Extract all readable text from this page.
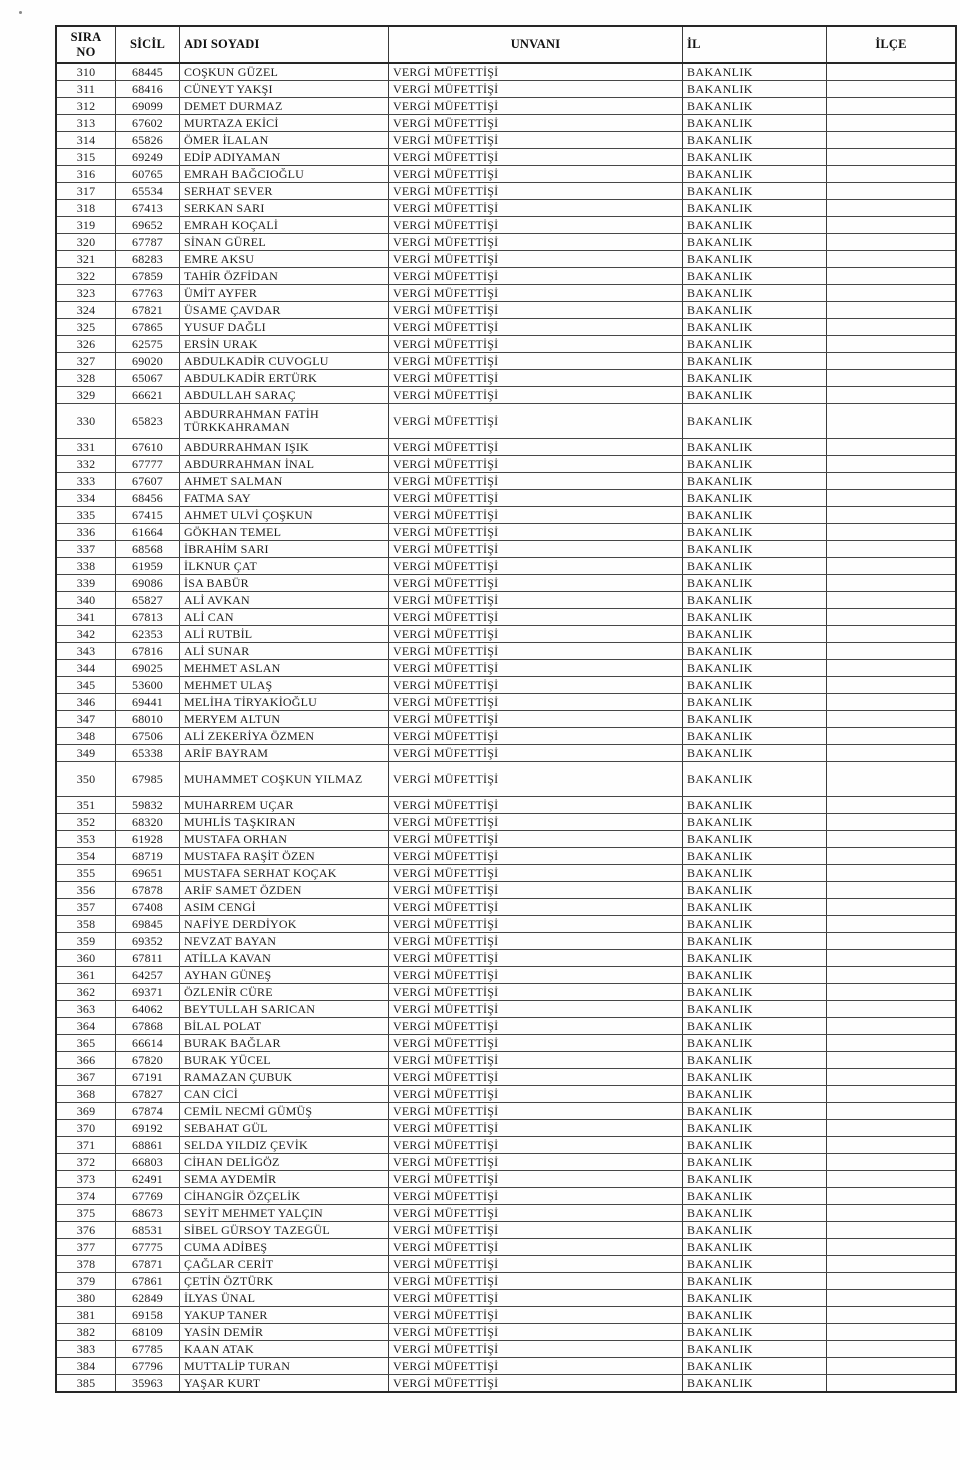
SIRA NO	SİCİL	ADI SOYADI	UNVANI	İL	İLÇE
310	68445	COŞKUN GÜZEL	VERGİ MÜFETTİŞİ	BAKANLIK	
311	68416	CÜNEYT YAKŞI	VERGİ MÜFETTİŞİ	BAKANLIK	
312	69099	DEMET DURMAZ	VERGİ MÜFETTİŞİ	BAKANLIK	
313	67602	MURTAZA EKİCİ	VERGİ MÜFETTİŞİ	BAKANLIK	
314	65826	ÖMER İLALAN	VERGİ MÜFETTİŞİ	BAKANLIK	
315	69249	EDİP ADIYAMAN	VERGİ MÜFETTİŞİ	BAKANLIK	
316	60765	EMRAH BAĞCIOĞLU	VERGİ MÜFETTİŞİ	BAKANLIK	
317	65534	SERHAT SEVER	VERGİ MÜFETTİŞİ	BAKANLIK	
318	67413	SERKAN SARI	VERGİ MÜFETTİŞİ	BAKANLIK	
319	69652	EMRAH KOÇALİ	VERGİ MÜFETTİŞİ	BAKANLIK	
320	67787	SİNAN GÜREL	VERGİ MÜFETTİŞİ	BAKANLIK	
321	68283	EMRE AKSU	VERGİ MÜFETTİŞİ	BAKANLIK	
322	67859	TAHİR ÖZFİDAN	VERGİ MÜFETTİŞİ	BAKANLIK	
323	67763	ÜMİT AYFER	VERGİ MÜFETTİŞİ	BAKANLIK	
324	67821	ÜSAME ÇAVDAR	VERGİ MÜFETTİŞİ	BAKANLIK	
325	67865	YUSUF DAĞLI	VERGİ MÜFETTİŞİ	BAKANLIK	
326	62575	ERSİN URAK	VERGİ MÜFETTİŞİ	BAKANLIK	
327	69020	ABDULKADİR CUVOGLU	VERGİ MÜFETTİŞİ	BAKANLIK	
328	65067	ABDULKADİR ERTÜRK	VERGİ MÜFETTİŞİ	BAKANLIK	
329	66621	ABDULLAH SARAÇ	VERGİ MÜFETTİŞİ	BAKANLIK	
330	65823	ABDURRAHMAN FATİH TÜRKKAHRAMAN	VERGİ MÜFETTİŞİ	BAKANLIK	
331	67610	ABDURRAHMAN IŞIK	VERGİ MÜFETTİŞİ	BAKANLIK	
332	67777	ABDURRAHMAN İNAL	VERGİ MÜFETTİŞİ	BAKANLIK	
333	67607	AHMET SALMAN	VERGİ MÜFETTİŞİ	BAKANLIK	
334	68456	FATMA SAY	VERGİ MÜFETTİŞİ	BAKANLIK	
335	67415	AHMET ULVİ ÇOŞKUN	VERGİ MÜFETTİŞİ	BAKANLIK	
336	61664	GÖKHAN TEMEL	VERGİ MÜFETTİŞİ	BAKANLIK	
337	68568	İBRAHİM SARI	VERGİ MÜFETTİŞİ	BAKANLIK	
338	61959	İLKNUR ÇAT	VERGİ MÜFETTİŞİ	BAKANLIK	
339	69086	İSA BABÜR	VERGİ MÜFETTİŞİ	BAKANLIK	
340	65827	ALİ AVKAN	VERGİ MÜFETTİŞİ	BAKANLIK	
341	67813	ALİ CAN	VERGİ MÜFETTİŞİ	BAKANLIK	
342	62353	ALİ RUTBİL	VERGİ MÜFETTİŞİ	BAKANLIK	
343	67816	ALİ SUNAR	VERGİ MÜFETTİŞİ	BAKANLIK	
344	69025	MEHMET ASLAN	VERGİ MÜFETTİŞİ	BAKANLIK	
345	53600	MEHMET ULAŞ	VERGİ MÜFETTİŞİ	BAKANLIK	
346	69441	MELİHA TİRYAKİOĞLU	VERGİ MÜFETTİŞİ	BAKANLIK	
347	68010	MERYEM ALTUN	VERGİ MÜFETTİŞİ	BAKANLIK	
348	67506	ALİ ZEKERİYA ÖZMEN	VERGİ MÜFETTİŞİ	BAKANLIK	
349	65338	ARİF BAYRAM	VERGİ MÜFETTİŞİ	BAKANLIK	
350	67985	MUHAMMET COŞKUN YILMAZ	VERGİ MÜFETTİŞİ	BAKANLIK	
351	59832	MUHARREM UÇAR	VERGİ MÜFETTİŞİ	BAKANLIK	
352	68320	MUHLİS TAŞKIRAN	VERGİ MÜFETTİŞİ	BAKANLIK	
353	61928	MUSTAFA ORHAN	VERGİ MÜFETTİŞİ	BAKANLIK	
354	68719	MUSTAFA RAŞİT ÖZEN	VERGİ MÜFETTİŞİ	BAKANLIK	
355	69651	MUSTAFA SERHAT KOÇAK	VERGİ MÜFETTİŞİ	BAKANLIK	
356	67878	ARİF SAMET ÖZDEN	VERGİ MÜFETTİŞİ	BAKANLIK	
357	67408	ASIM CENGİ	VERGİ MÜFETTİŞİ	BAKANLIK	
358	69845	NAFİYE DERDİYOK	VERGİ MÜFETTİŞİ	BAKANLIK	
359	69352	NEVZAT BAYAN	VERGİ MÜFETTİŞİ	BAKANLIK	
360	67811	ATİLLA KAVAN	VERGİ MÜFETTİŞİ	BAKANLIK	
361	64257	AYHAN GÜNEŞ	VERGİ MÜFETTİŞİ	BAKANLIK	
362	69371	ÖZLENİR CÜRE	VERGİ MÜFETTİŞİ	BAKANLIK	
363	64062	BEYTULLAH SARICAN	VERGİ MÜFETTİŞİ	BAKANLIK	
364	67868	BİLAL POLAT	VERGİ MÜFETTİŞİ	BAKANLIK	
365	66614	BURAK BAĞLAR	VERGİ MÜFETTİŞİ	BAKANLIK	
366	67820	BURAK YÜCEL	VERGİ MÜFETTİŞİ	BAKANLIK	
367	67191	RAMAZAN ÇUBUK	VERGİ MÜFETTİŞİ	BAKANLIK	
368	67827	CAN CİCİ	VERGİ MÜFETTİŞİ	BAKANLIK	
369	67874	CEMİL NECMİ GÜMÜŞ	VERGİ MÜFETTİŞİ	BAKANLIK	
370	69192	SEBAHAT GÜL	VERGİ MÜFETTİŞİ	BAKANLIK	
371	68861	SELDA YILDIZ ÇEVİK	VERGİ MÜFETTİŞİ	BAKANLIK	
372	66803	CİHAN DELİGÖZ	VERGİ MÜFETTİŞİ	BAKANLIK	
373	62491	SEMA AYDEMİR	VERGİ MÜFETTİŞİ	BAKANLIK	
374	67769	CİHANGİR ÖZÇELİK	VERGİ MÜFETTİŞİ	BAKANLIK	
375	68673	SEYİT MEHMET YALÇIN	VERGİ MÜFETTİŞİ	BAKANLIK	
376	68531	SİBEL GÜRSOY TAZEGÜL	VERGİ MÜFETTİŞİ	BAKANLIK	
377	67775	CUMA ADİBEŞ	VERGİ MÜFETTİŞİ	BAKANLIK	
378	67871	ÇAĞLAR CERİT	VERGİ MÜFETTİŞİ	BAKANLIK	
379	67861	ÇETİN ÖZTÜRK	VERGİ MÜFETTİŞİ	BAKANLIK	
380	62849	İLYAS ÜNAL	VERGİ MÜFETTİŞİ	BAKANLIK	
381	69158	YAKUP TANER	VERGİ MÜFETTİŞİ	BAKANLIK	
382	68109	YASİN DEMİR	VERGİ MÜFETTİŞİ	BAKANLIK	
383	67785	KAAN ATAK	VERGİ MÜFETTİŞİ	BAKANLIK	
384	67796	MUTTALİP TURAN	VERGİ MÜFETTİŞİ	BAKANLIK	
385	35963	YAŞAR KURT	VERGİ MÜFETTİŞİ	BAKANLIK	
